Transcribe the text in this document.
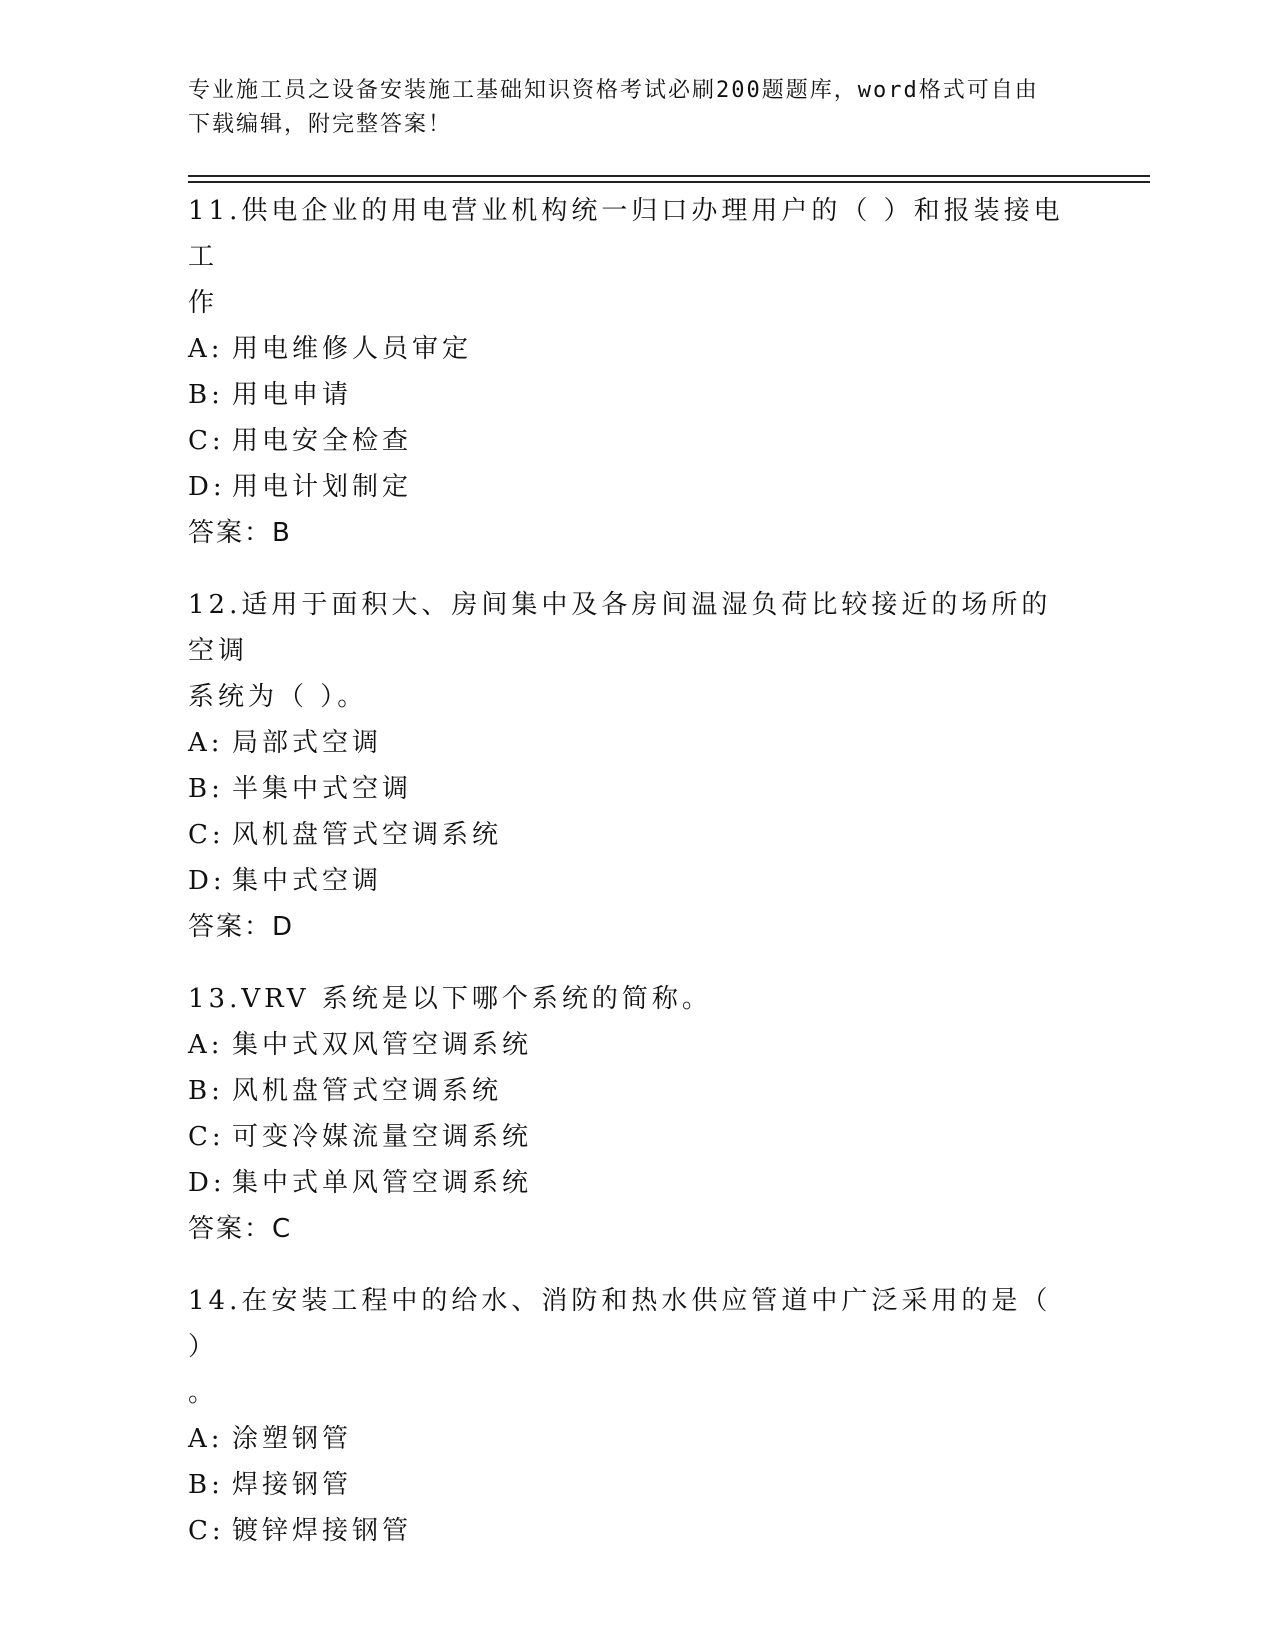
专业施工员之设备安装施工基础知识资格考试必刷200题题库，word格式可自由
下载编辑，附完整答案！
11.供电企业的用电营业机构统一归口办理用户的（ ）和报装接电工
作
A: 用电维修人员审定
B: 用电申请
C: 用电安全检查
D: 用电计划制定
答案：B
12.适用于面积大、房间集中及各房间温湿负荷比较接近的场所的空调
系统为（ ）。
A: 局部式空调
B: 半集中式空调
C: 风机盘管式空调系统
D: 集中式空调
答案：D
13.VRV 系统是以下哪个系统的简称。
A: 集中式双风管空调系统
B: 风机盘管式空调系统
C: 可变冷媒流量空调系统
D: 集中式单风管空调系统
答案：C
14.在安装工程中的给水、消防和热水供应管道中广泛采用的是（ ）
。
A: 涂塑钢管
B: 焊接钢管
C: 镀锌焊接钢管
